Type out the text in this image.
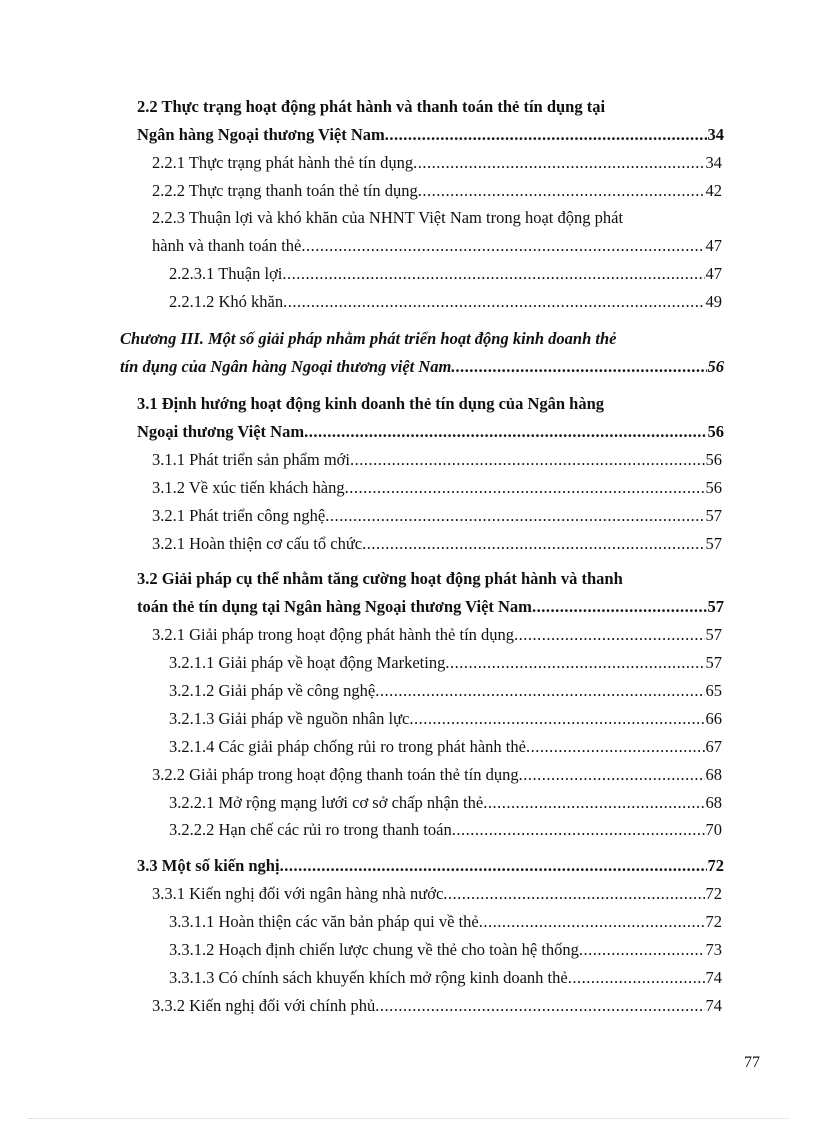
2.2 Thực trạng hoạt động phát hành và thanh toán thẻ tín dụng tại
Ngân hàng Ngoại thương Việt Nam .....	34
2.2.1 Thực trạng phát hành thẻ tín dụng .....	34
2.2.2 Thực trạng thanh toán thẻ tín dụng .....	42
2.2.3 Thuận lợi và khó khăn của NHNT Việt Nam trong hoạt động phát
hành và thanh toán thẻ .....	47
2.2.3.1 Thuận lợi .....	47
2.2.1.2 Khó khăn .....	49
Chương III. Một số giải pháp nhằm phát triển hoạt động kinh doanh thẻ
tín dụng của Ngân hàng Ngoại thương việt Nam .....	56
3.1 Định hướng hoạt động kinh doanh thẻ tín dụng của Ngân hàng
Ngoại thương Việt Nam .....	56
3.1.1 Phát triển sản phẩm mới .....	56
3.1.2 Về xúc tiến khách hàng .....	56
3.2.1 Phát triển công nghệ .....	57
3.2.1 Hoàn thiện cơ cấu tổ chức .....	57
3.2 Giải pháp cụ thể nhằm tăng cường hoạt động phát hành và thanh
toán thẻ tín dụng tại Ngân hàng Ngoại thương Việt Nam .....	57
3.2.1 Giải pháp trong hoạt động phát hành thẻ tín dụng .....	57
3.2.1.1 Giải pháp về hoạt động Marketing .....	57
3.2.1.2 Giải pháp về công nghệ .....	65
3.2.1.3 Giải pháp về nguồn nhân lực .....	66
3.2.1.4 Các giải pháp chống rủi ro trong phát hành thẻ .....	67
3.2.2 Giải pháp trong hoạt động thanh toán thẻ tín dụng .....	68
3.2.2.1 Mở rộng mạng lưới cơ sở chấp nhận thẻ .....	68
3.2.2.2 Hạn chế các rủi ro trong thanh toán .....	70
3.3 Một số kiến nghị .....	72
3.3.1 Kiến nghị đối với ngân hàng nhà nước .....	72
3.3.1.1 Hoàn thiện các văn bản pháp qui về thẻ .....	72
3.3.1.2 Hoạch định chiến lược chung về thẻ cho toàn hệ thống .....	73
3.3.1.3 Có chính sách khuyến khích mở rộng kinh doanh thẻ .....	74
3.3.2 Kiến nghị đối với chính phủ .....	74
77
